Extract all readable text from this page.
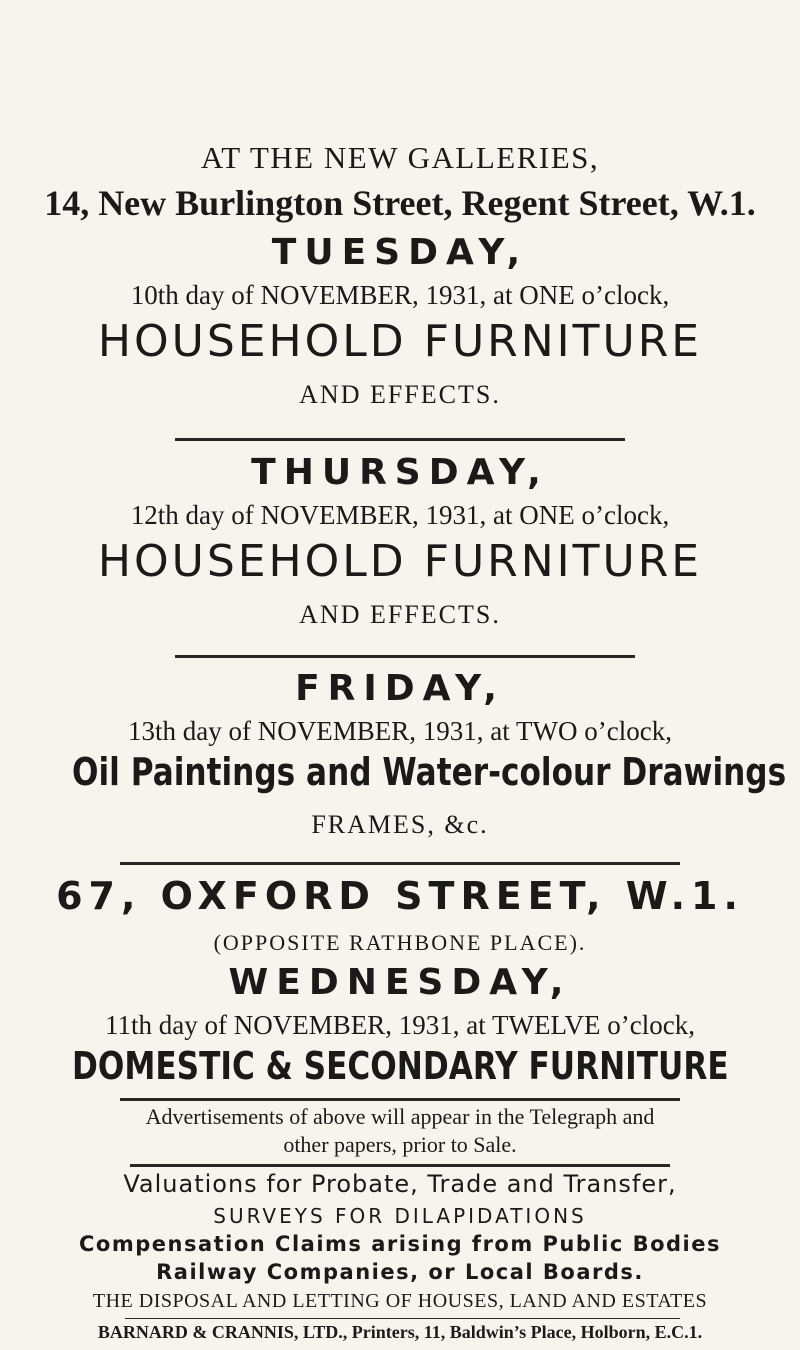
AT THE NEW GALLERIES,

14, New Burlington Street, Regent Street, W.1.

TUESDAY,

10th day of NOVEMBER, 1931, at ONE o’clock,

HOUSEHOLD FURNITURE

AND EFFECTS.

THURSDAY,

12th day of NOVEMBER, 1931, at ONE o’clock,

HOUSEHOLD FURNITURE

AND EFFECTS.

FRIDAY,

13th day of NOVEMBER, 1931, at TWO o’clock,

Oil Paintings and Water-colour Drawings

FRAMES, &c.

67, OXFORD STREET, W.1.

(OPPOSITE RATHBONE PLACE).

WEDNESDAY,

11th day of NOVEMBER, 1931, at TWELVE o’clock,

DOMESTIC & SECONDARY FURNITURE

Advertisements of above will appear in the Telegraph and

other papers, prior to Sale.

Valuations for Probate, Trade and Transfer,

SURVEYS FOR DILAPIDATIONS

Compensation Claims arising from Public Bodies

Railway Companies, or Local Boards.

THE DISPOSAL AND LETTING OF HOUSES, LAND AND ESTATES

BARNARD & CRANNIS, LTD., Printers, 11, Baldwin’s Place, Holborn, E.C.1.
